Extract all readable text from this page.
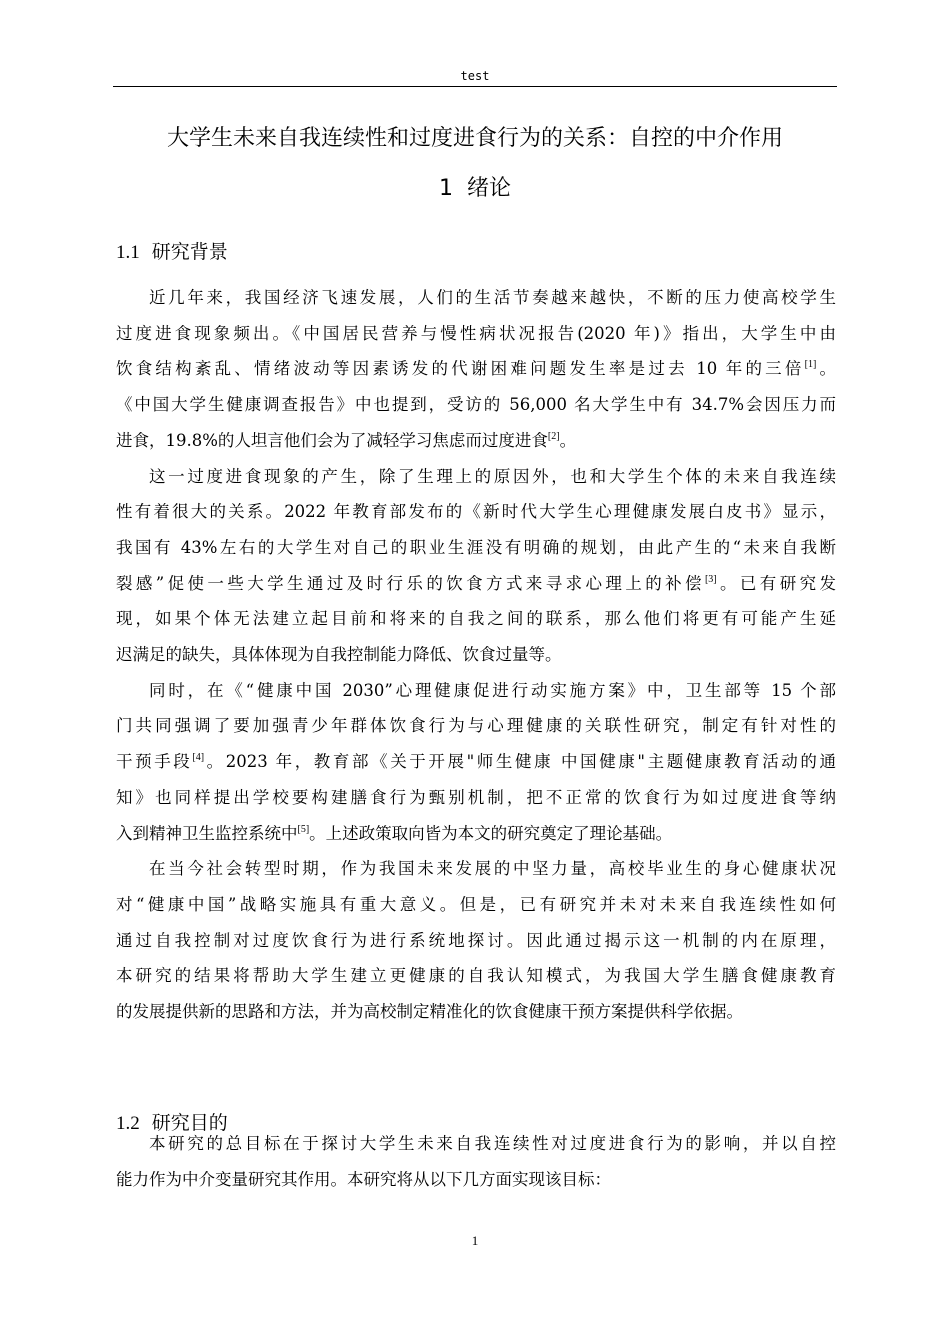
test
大学生未来自我连续性和过度进食行为的关系：自控的中介作用
1 绪论
1.1 研究背景
近几年来，我国经济飞速发展，人们的生活节奏越来越快，不断的压力使高校学生
过度进食现象频出。《中国居民营养与慢性病状况报告(2020 年)》指出，大学生中由
饮食结构紊乱、情绪波动等因素诱发的代谢困难问题发生率是过去 10 年的三倍[1]。
《中国大学生健康调查报告》中也提到，受访的 56,000 名大学生中有 34.7%会因压力而
进食，19.8%的人坦言他们会为了减轻学习焦虑而过度进食[2]。
这一过度进食现象的产生，除了生理上的原因外，也和大学生个体的未来自我连续
性有着很大的关系。2022 年教育部发布的《新时代大学生心理健康发展白皮书》显示，
我国有 43%左右的大学生对自己的职业生涯没有明确的规划，由此产生的“未来自我断
裂感”促使一些大学生通过及时行乐的饮食方式来寻求心理上的补偿[3]。已有研究发
现，如果个体无法建立起目前和将来的自我之间的联系，那么他们将更有可能产生延
迟满足的缺失，具体体现为自我控制能力降低、饮食过量等。
同时，在《“健康中国 2030”心理健康促进行动实施方案》中，卫生部等 15 个部
门共同强调了要加强青少年群体饮食行为与心理健康的关联性研究，制定有针对性的
干预手段[4]。2023 年，教育部《关于开展"师生健康 中国健康"主题健康教育活动的通
知》也同样提出学校要构建膳食行为甄别机制，把不正常的饮食行为如过度进食等纳
入到精神卫生监控系统中[5]。上述政策取向皆为本文的研究奠定了理论基础。
在当今社会转型时期，作为我国未来发展的中坚力量，高校毕业生的身心健康状况
对“健康中国”战略实施具有重大意义。但是，已有研究并未对未来自我连续性如何
通过自我控制对过度饮食行为进行系统地探讨。因此通过揭示这一机制的内在原理，
本研究的结果将帮助大学生建立更健康的自我认知模式，为我国大学生膳食健康教育
的发展提供新的思路和方法，并为高校制定精准化的饮食健康干预方案提供科学依据。
1.2 研究目的
本研究的总目标在于探讨大学生未来自我连续性对过度进食行为的影响，并以自控
能力作为中介变量研究其作用。本研究将从以下几方面实现该目标：
1
